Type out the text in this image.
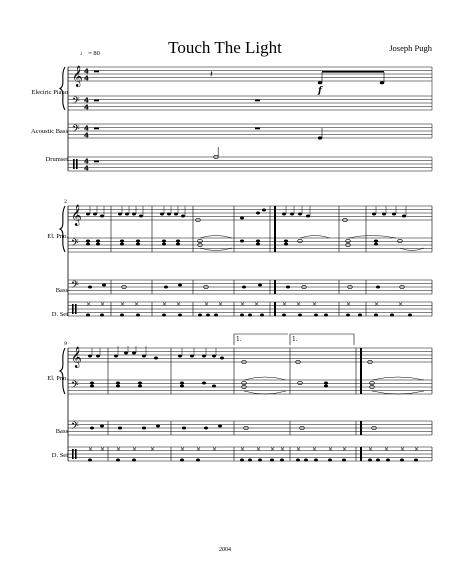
Touch The Light	Joseph Pugh
♩ = 80
Electric Piano
Acoustic Bass
Drumset
El. Pno.
Bass
D. Set
El. Pno.
Bass
D. Set
𝄞
𝄢
𝄢
4
4
4
4
4
4
4
4
𝄽
f
2
𝄞
𝄢
𝄢
× × × ×	× ×	× ×	× ×	× × ×	×	×	×
9
1.	1.
𝄞
𝄢
𝄢
× × × × ×	× × ×	× × × × × × × ×	× × × ×
2004
